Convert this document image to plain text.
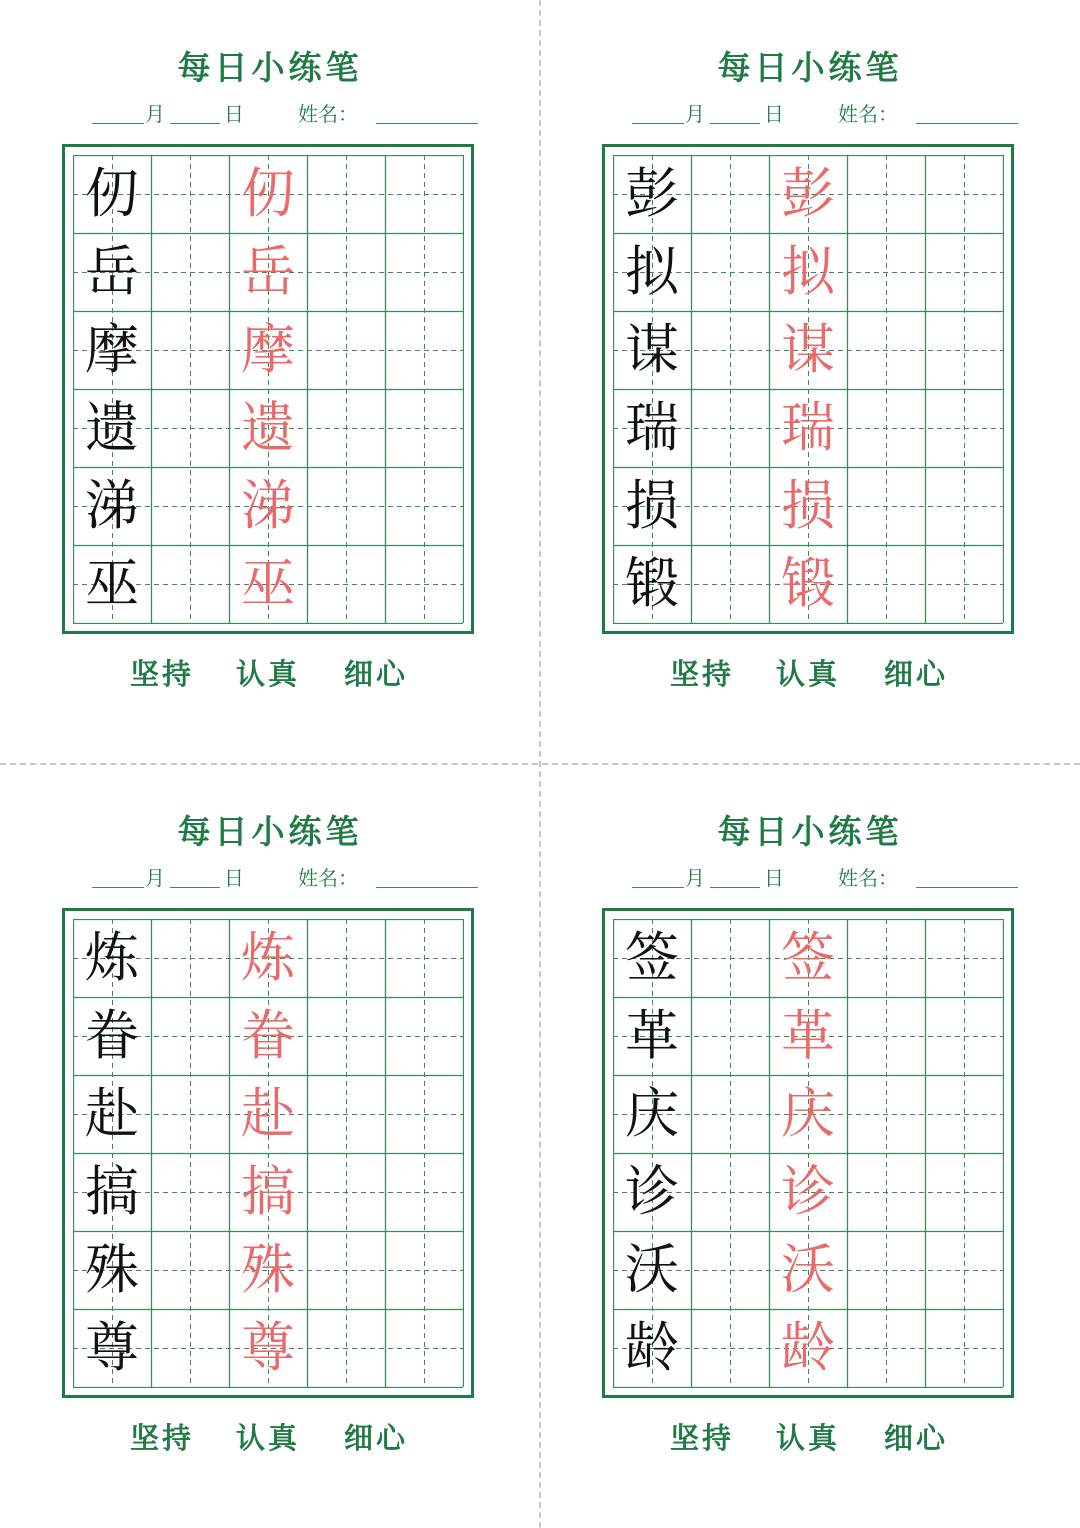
每日小练笔
月	日	姓名：
仞 仞
岳 岳
摩 摩
遗 遗
涕 涕
巫 巫
坚持 认真 细心
每日小练笔
月	日	姓名：
彭 彭
拟 拟
谋 谋
瑞 瑞
损 损
锻 锻
坚持 认真 细心
每日小练笔
月	日	姓名：
炼 炼
眷 眷
赴 赴
搞 搞
殊 殊
尊 尊
坚持 认真 细心
每日小练笔
月	日	姓名：
签 签
革 革
庆 庆
诊 诊
沃 沃
龄 龄
坚持 认真 细心
